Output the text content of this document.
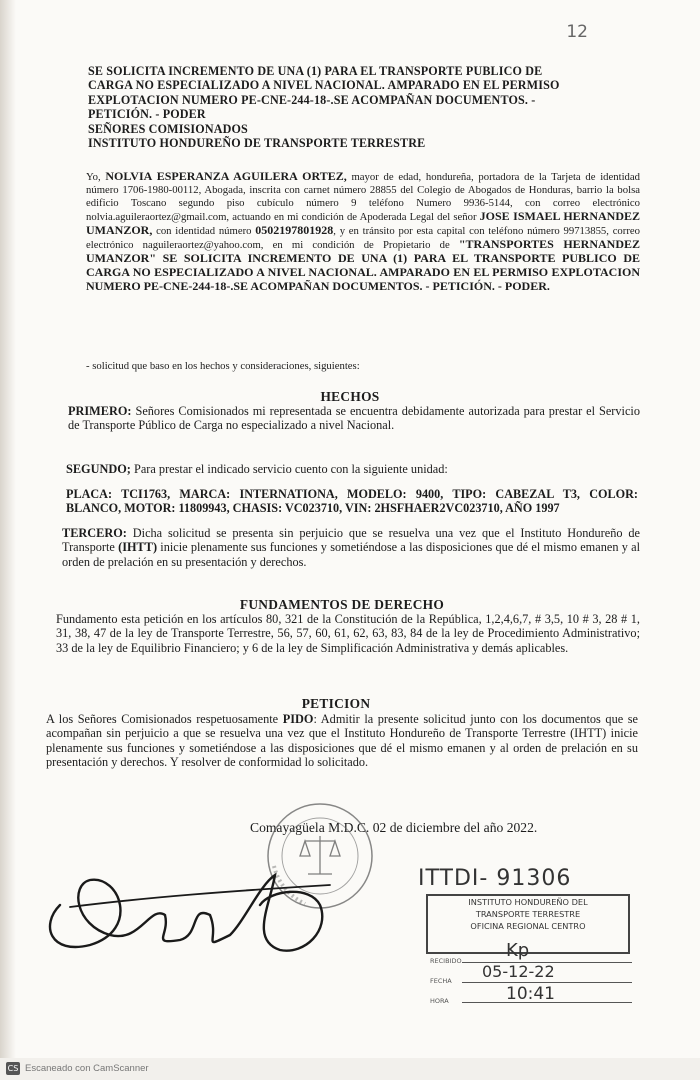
12
SE SOLICITA INCREMENTO DE UNA (1) PARA EL TRANSPORTE PUBLICO DE
CARGA NO ESPECIALIZADO A NIVEL NACIONAL. AMPARADO EN EL PERMISO
EXPLOTACION NUMERO PE-CNE-244-18-.SE ACOMPAÑAN DOCUMENTOS. -
PETICIÓN. - PODER
SEÑORES COMISIONADOS
INSTITUTO HONDUREÑO DE TRANSPORTE TERRESTRE
Yo, NOLVIA ESPERANZA AGUILERA ORTEZ, mayor de edad, hondureña, portadora de la Tarjeta de identidad número 1706-1980-00112, Abogada, inscrita con carnet número 28855 del Colegio de Abogados de Honduras, barrio la bolsa edificio Toscano segundo piso cubículo número 9 teléfono Numero 9936-5144, con correo electrónico nolvia.aguileraortez@gmail.com, actuando en mi condición de Apoderada Legal del señor JOSE ISMAEL HERNANDEZ UMANZOR, con identidad número 0502197801928, y en tránsito por esta capital con teléfono número 99713855, correo electrónico naguilerаortez@yahoo.com, en mi condición de Propietario de "TRANSPORTES HERNANDEZ UMANZOR" SE SOLICITA INCREMENTO DE UNA (1) PARA EL TRANSPORTE PUBLICO DE CARGA NO ESPECIALIZADO A NIVEL NACIONAL. AMPARADO EN EL PERMISO EXPLOTACION NUMERO PE-CNE-244-18-.SE ACOMPAÑAN DOCUMENTOS. - PETICIÓN. - PODER.
- solicitud que baso en los hechos y consideraciones, siguientes:
HECHOS
PRIMERO: Señores Comisionados mi representada se encuentra debidamente autorizada para prestar el Servicio de Transporte Público de Carga no especializado a nivel Nacional.
SEGUNDO; Para prestar el indicado servicio cuento con la siguiente unidad:
PLACA: TCI1763, MARCA: INTERNATIONA, MODELO: 9400, TIPO: CABEZAL T3, COLOR: BLANCO, MOTOR: 11809943, CHASIS: VC023710, VIN: 2HSFHAER2VC023710, AÑO 1997
TERCERO: Dicha solicitud se presenta sin perjuicio que se resuelva una vez que el Instituto Hondureño de Transporte (IHTT) inicie plenamente sus funciones y sometiéndose a las disposiciones que dé el mismo emanen y al orden de prelación en su presentación y derechos.
FUNDAMENTOS DE DERECHO
Fundamento esta petición en los artículos 80, 321 de la Constitución de la República, 1,2,4,6,7, # 3,5, 10 # 3, 28 # 1, 31, 38, 47 de la ley de Transporte Terrestre, 56, 57, 60, 61, 62, 63, 83, 84 de la ley de Procedimiento Administrativo; 33 de la ley de Equilibrio Financiero; y 6 de la ley de Simplificación Administrativa y demás aplicables.
PETICION
A los Señores Comisionados respetuosamente PIDO: Admitir la presente solicitud junto con los documentos que se acompañan sin perjuicio a que se resuelva una vez que el Instituto Hondureño de Transporte Terrestre (IHTT) inicie plenamente sus funciones y sometiéndose a las disposiciones que dé el mismo emanen y al orden de prelación en su presentación y derechos. Y resolver de conformidad lo solicitado.
Comayagüela M.D.C. 02 de diciembre del año 2022.
ITTDI- 91306
INSTITUTO HONDUREÑO DEL
TRANSPORTE TERRESTRE
OFICINA REGIONAL CENTRO
RECIBIDO Kp
FECHA 05-12-22
HORA	10:41
CS Escaneado con CamScanner
